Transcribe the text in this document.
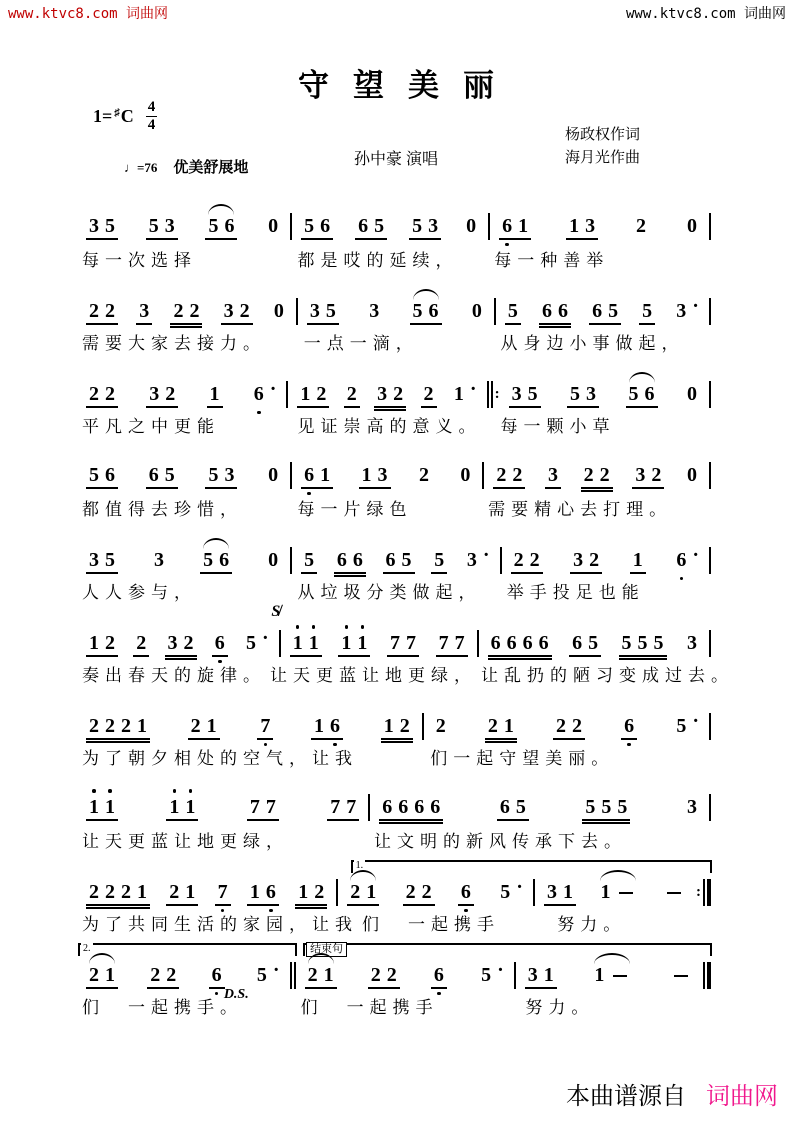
www.ktvc8.com 词曲网	www.ktvc8.com 词曲网
守望美丽
1= ♯ C $\frac{4}{4}$
♩=76 优美舒展地	孙中豪 演唱
杨政权作词
海月光作曲
3 5 5 3 5 6 0 5 6 6 5 5 3 0 6 1 1 3 2 0
每一次选择	都是哎的延续，	每一种善举
2 2 3 2 2 3 2 0 3 5 3 5 6 0 5 6 6 6 5 5 3 ·
需要大家去接力。	一点一滴，	从身边小事做起，
2 2 3 2 1 6 · 1 2 2 3 2 2 1 · : 3 5 5 3 5 6 0
平凡之中更能	见证崇高的意义。	每一颗小草
5 6 6 5 5 3 0 6 1 1 3 2 0 2 2 3 2 2 3 2 0
都值得去珍惜，	每一片绿色	需要精心去打理。
3 5 3 5 6 0 5 6 6 6 5 5 3 · 2 2 3 2 1 6 ·
人人参与，	从垃圾分类做起，	举手投足也能
S̸
1 2 2 3 2 6 5 · 1 1 1 1 7 7 7 7 6 6 6 6 6 5 5 5 5 3
奏出春天的旋律。 让天更蓝让地更绿， 让乱扔的陋习变成过去。
2 2 2 1 2 1 7 1 6 1 2 2 2 1 2 2 6 5 ·
为了朝夕相处的空气，让我	们一起守望美丽。
1 1	1 1	7 7	7 7 6 6 6 6	6 5	5 5 5	3
让天更蓝让地更绿，	让文明的新风传承下去。
1.
2 2 2 1 2 1 7 1 6 1 2 2 1 2 2 6 5 · 3 1 1	:
为了共同生活的家园，让我 们　一起携手	努力。
2.	结束句
D.S.
2 1 2 2 6 5 · 2 1 2 2 6 5 · 3 1 1
们　一起携手。	们　一起携手	努力。
本曲谱源自 词曲网
